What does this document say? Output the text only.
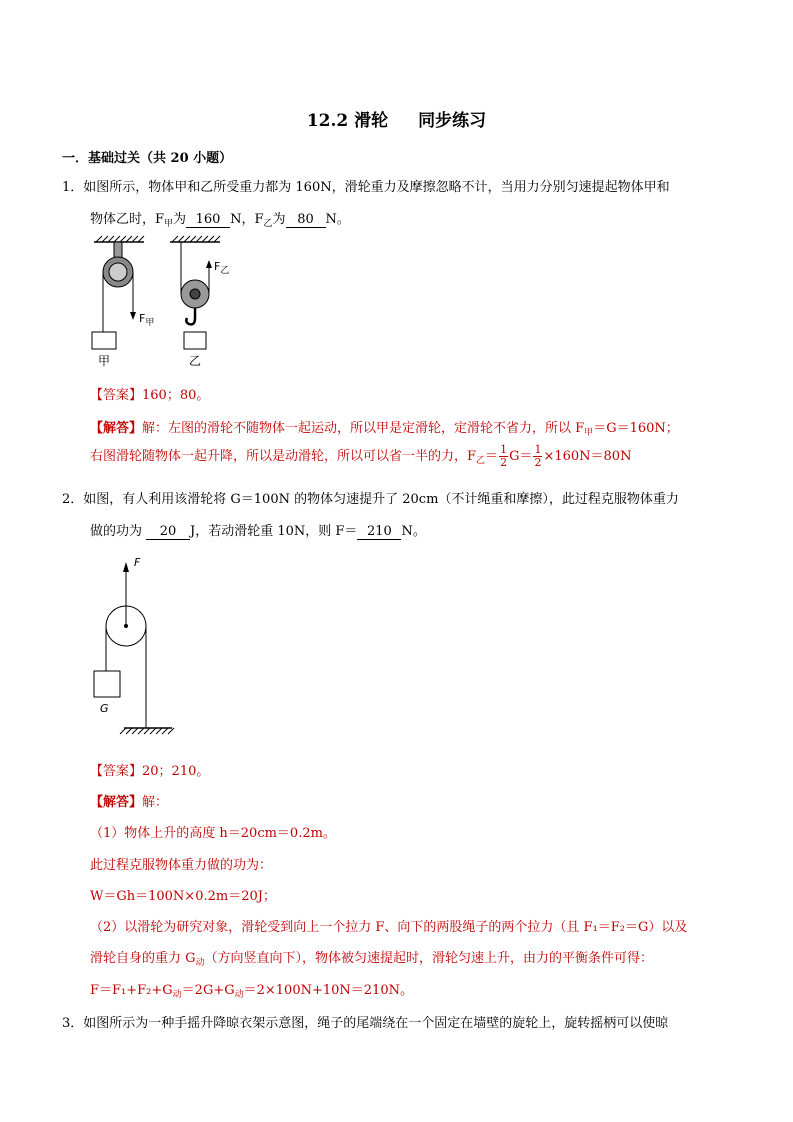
12.2 滑轮 同步练习
一．基础过关（共 20 小题）
1．如图所示，物体甲和乙所受重力都为 160N，滑轮重力及摩擦忽略不计，当用力分别匀速提起物体甲和
物体乙时，$F_甲$为 160 N，$F_乙$为 80 N。
$F_甲$
甲
$F_乙$
乙
【答案】160；80。
【解答】解：左图的滑轮不随物体一起运动，所以甲是定滑轮，定滑轮不省力，所以 $F_甲=G=160N$；
右图滑轮随物体一起升降，所以是动滑轮，所以可以省一半的力，$F_乙= \frac{1}{2} G= \frac{1}{2} \times 160N=80N$
2．如图，有人利用该滑轮将 G＝100N 的物体匀速提升了 20cm（不计绳重和摩擦），此过程克服物体重力
做的功为 20 J，若动滑轮重 10N，则 F＝ 210 N。
F
G
【答案】20；210。
【解答】解：
（1）物体上升的高度 h＝20cm＝0.2m。
此过程克服物体重力做的功为：
W＝Gh＝100N×0.2m＝20J；
（2）以滑轮为研究对象，滑轮受到向上一个拉力 F、向下的两股绳子的两个拉力（且 F₁＝F₂＝G）以及
滑轮自身的重力 $G_动$（方向竖直向下），物体被匀速提起时，滑轮匀速上升，由力的平衡条件可得：
$F=F_1+F_2+G_动=2G+G_动=2\times 100N+10N=210N$。
3．如图所示为一种手摇升降晾衣架示意图，绳子的尾端绕在一个固定在墙壁的旋轮上，旋转摇柄可以使晾
